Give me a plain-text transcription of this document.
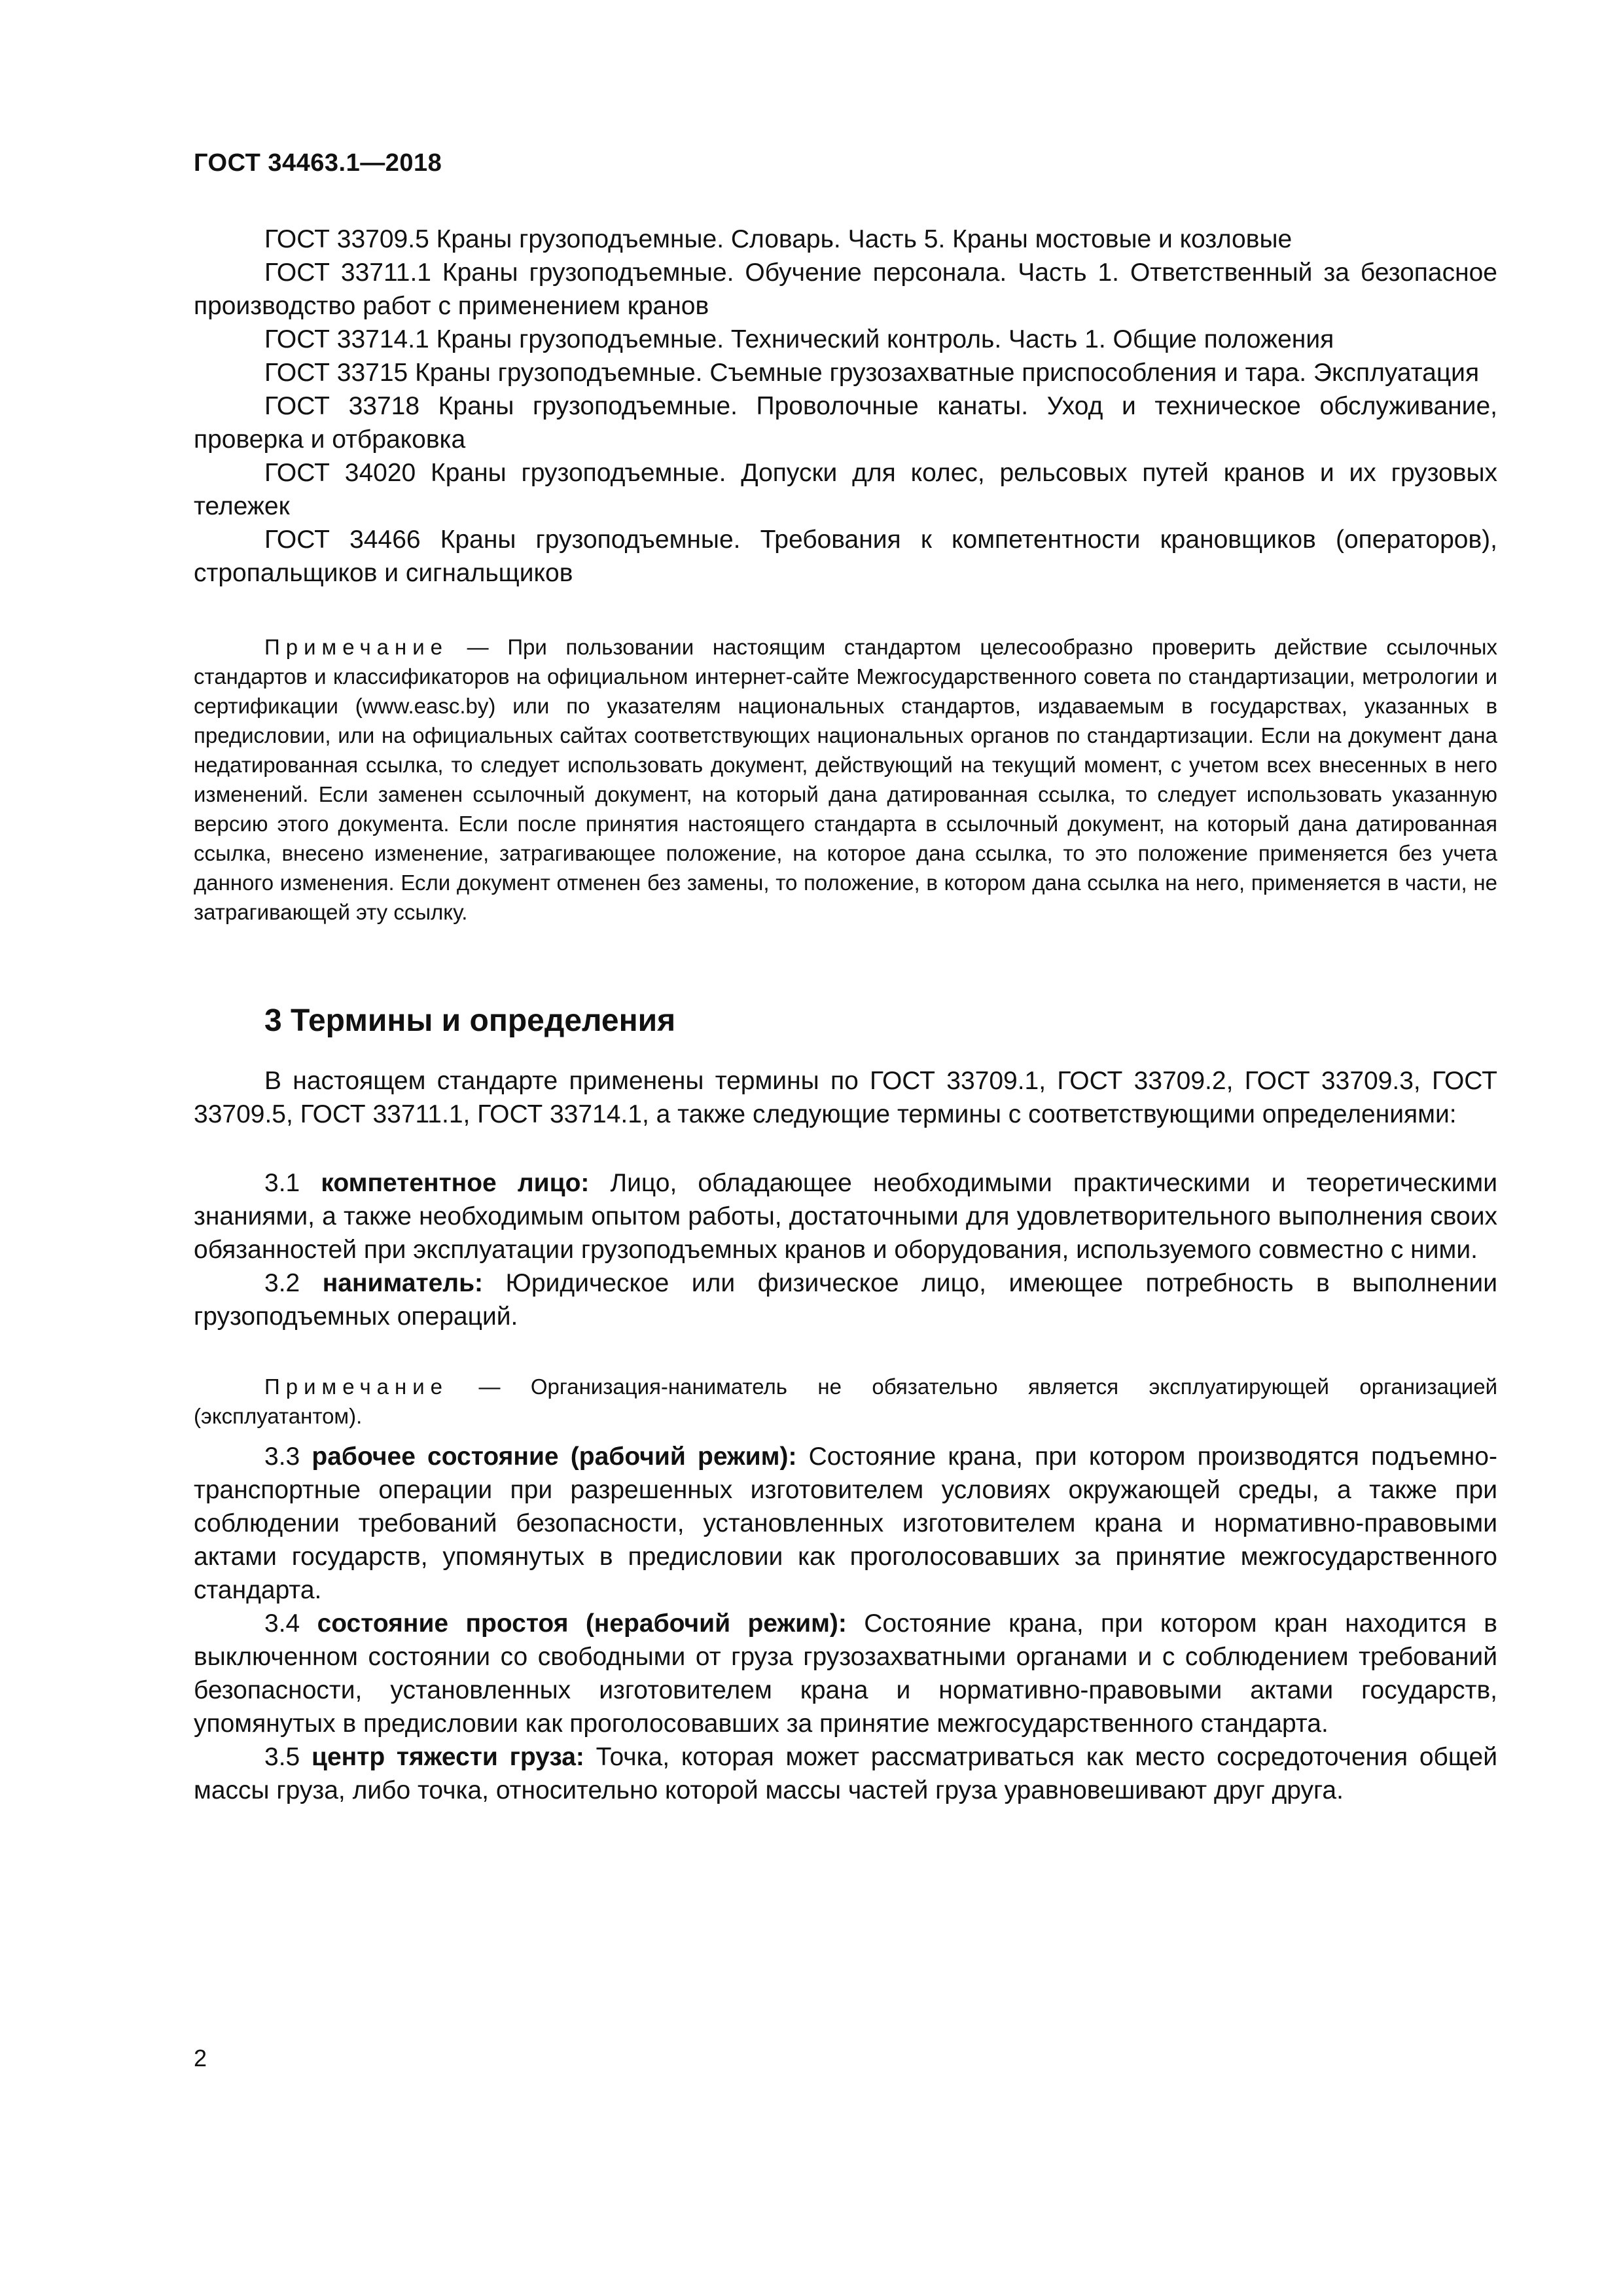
ГОСТ 34463.1—2018

ГОСТ 33709.5 Краны грузоподъемные. Словарь. Часть 5. Краны мостовые и козловые

ГОСТ 33711.1 Краны грузоподъемные. Обучение персонала. Часть 1. Ответственный за безопасное производство работ с применением кранов

ГОСТ 33714.1 Краны грузоподъемные. Технический контроль. Часть 1. Общие положения

ГОСТ 33715 Краны грузоподъемные. Съемные грузозахватные приспособления и тара. Эксплуатация

ГОСТ 33718 Краны грузоподъемные. Проволочные канаты. Уход и техническое обслуживание, проверка и отбраковка

ГОСТ 34020 Краны грузоподъемные. Допуски для колес, рельсовых путей кранов и их грузовых тележек

ГОСТ 34466 Краны грузоподъемные. Требования к компетентности крановщиков (операторов), стропальщиков и сигнальщиков

Примечание — При пользовании настоящим стандартом целесообразно проверить действие ссылочных стандартов и классификаторов на официальном интернет-сайте Межгосударственного совета по стандартизации, метрологии и сертификации (www.easc.by) или по указателям национальных стандартов, издаваемым в государствах, указанных в предисловии, или на официальных сайтах соответствующих национальных органов по стандартизации. Если на документ дана недатированная ссылка, то следует использовать документ, действующий на текущий момент, с учетом всех внесенных в него изменений. Если заменен ссылочный документ, на который дана датированная ссылка, то следует использовать указанную версию этого документа. Если после принятия настоящего стандарта в ссылочный документ, на который дана датированная ссылка, внесено изменение, затрагивающее положение, на которое дана ссылка, то это положение применяется без учета данного изменения. Если документ отменен без замены, то положение, в котором дана ссылка на него, применяется в части, не затрагивающей эту ссылку.

3 Термины и определения

В настоящем стандарте применены термины по ГОСТ 33709.1, ГОСТ 33709.2, ГОСТ 33709.3, ГОСТ 33709.5, ГОСТ 33711.1, ГОСТ 33714.1, а также следующие термины с соответствующими определениями:

3.1 компетентное лицо: Лицо, обладающее необходимыми практическими и теоретическими знаниями, а также необходимым опытом работы, достаточными для удовлетворительного выполнения своих обязанностей при эксплуатации грузоподъемных кранов и оборудования, используемого совместно с ними.

3.2 наниматель: Юридическое или физическое лицо, имеющее потребность в выполнении грузоподъемных операций.

Примечание — Организация-наниматель не обязательно является эксплуатирующей организацией (эксплуатантом).

3.3 рабочее состояние (рабочий режим): Состояние крана, при котором производятся подъемно-транспортные операции при разрешенных изготовителем условиях окружающей среды, а также при соблюдении требований безопасности, установленных изготовителем крана и нормативно-правовыми актами государств, упомянутых в предисловии как проголосовавших за принятие межгосударственного стандарта.

3.4 состояние простоя (нерабочий режим): Состояние крана, при котором кран находится в выключенном состоянии со свободными от груза грузозахватными органами и с соблюдением требований безопасности, установленных изготовителем крана и нормативно-правовыми актами государств, упомянутых в предисловии как проголосовавших за принятие межгосударственного стандарта.

3.5 центр тяжести груза: Точка, которая может рассматриваться как место сосредоточения общей массы груза, либо точка, относительно которой массы частей груза уравновешивают друг друга.

2
